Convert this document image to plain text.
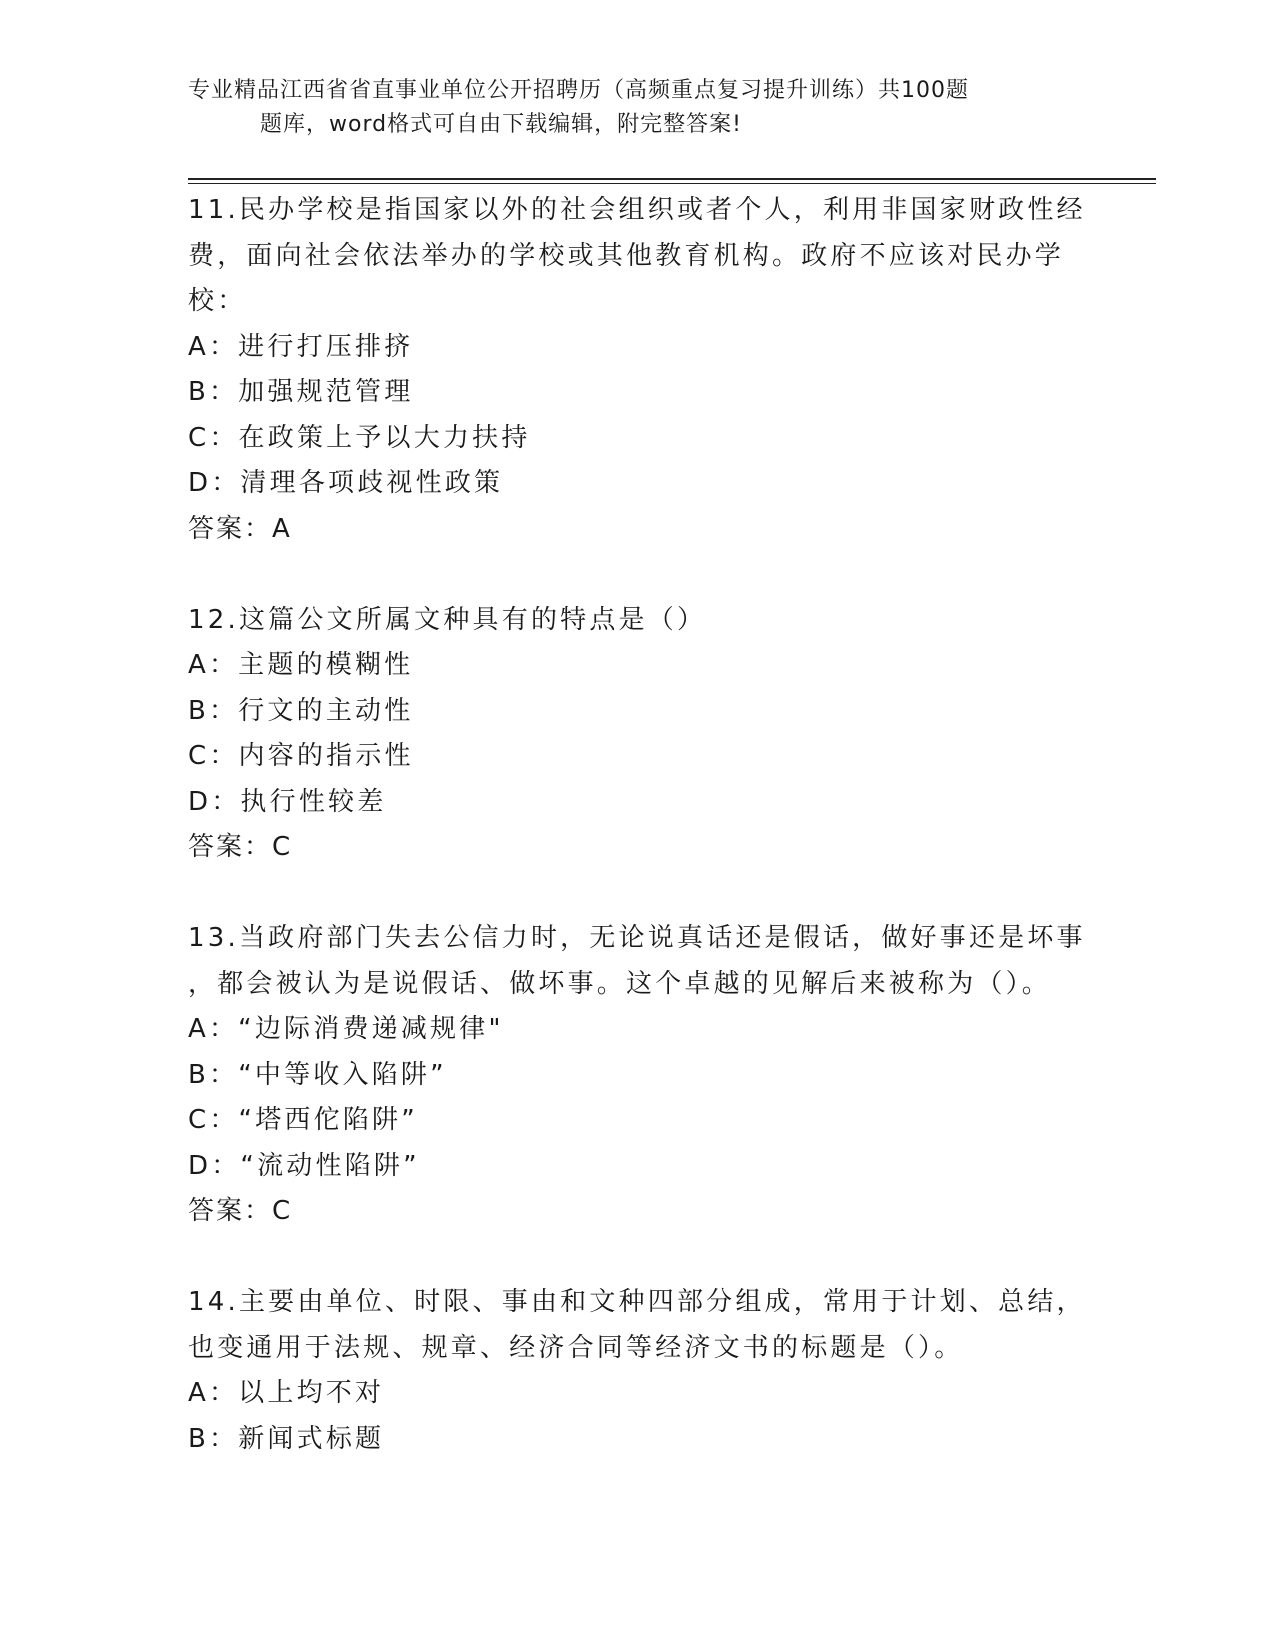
专业精品江西省省直事业单位公开招聘历（高频重点复习提升训练）共100题
题库，word格式可自由下载编辑，附完整答案!
11.民办学校是指国家以外的社会组织或者个人，利用非国家财政性经
费，面向社会依法举办的学校或其他教育机构。政府不应该对民办学
校：
A：进行打压排挤
B：加强规范管理
C：在政策上予以大力扶持
D：清理各项歧视性政策
答案：A
12.这篇公文所属文种具有的特点是（）
A：主题的模糊性
B：行文的主动性
C：内容的指示性
D：执行性较差
答案：C
13.当政府部门失去公信力时，无论说真话还是假话，做好事还是坏事
，都会被认为是说假话、做坏事。这个卓越的见解后来被称为（）。
A：“边际消费递减规律"
B：“中等收入陷阱”
C：“塔西佗陷阱”
D：“流动性陷阱”
答案：C
14.主要由单位、时限、事由和文种四部分组成，常用于计划、总结，
也变通用于法规、规章、经济合同等经济文书的标题是（）。
A：以上均不对
B：新闻式标题
